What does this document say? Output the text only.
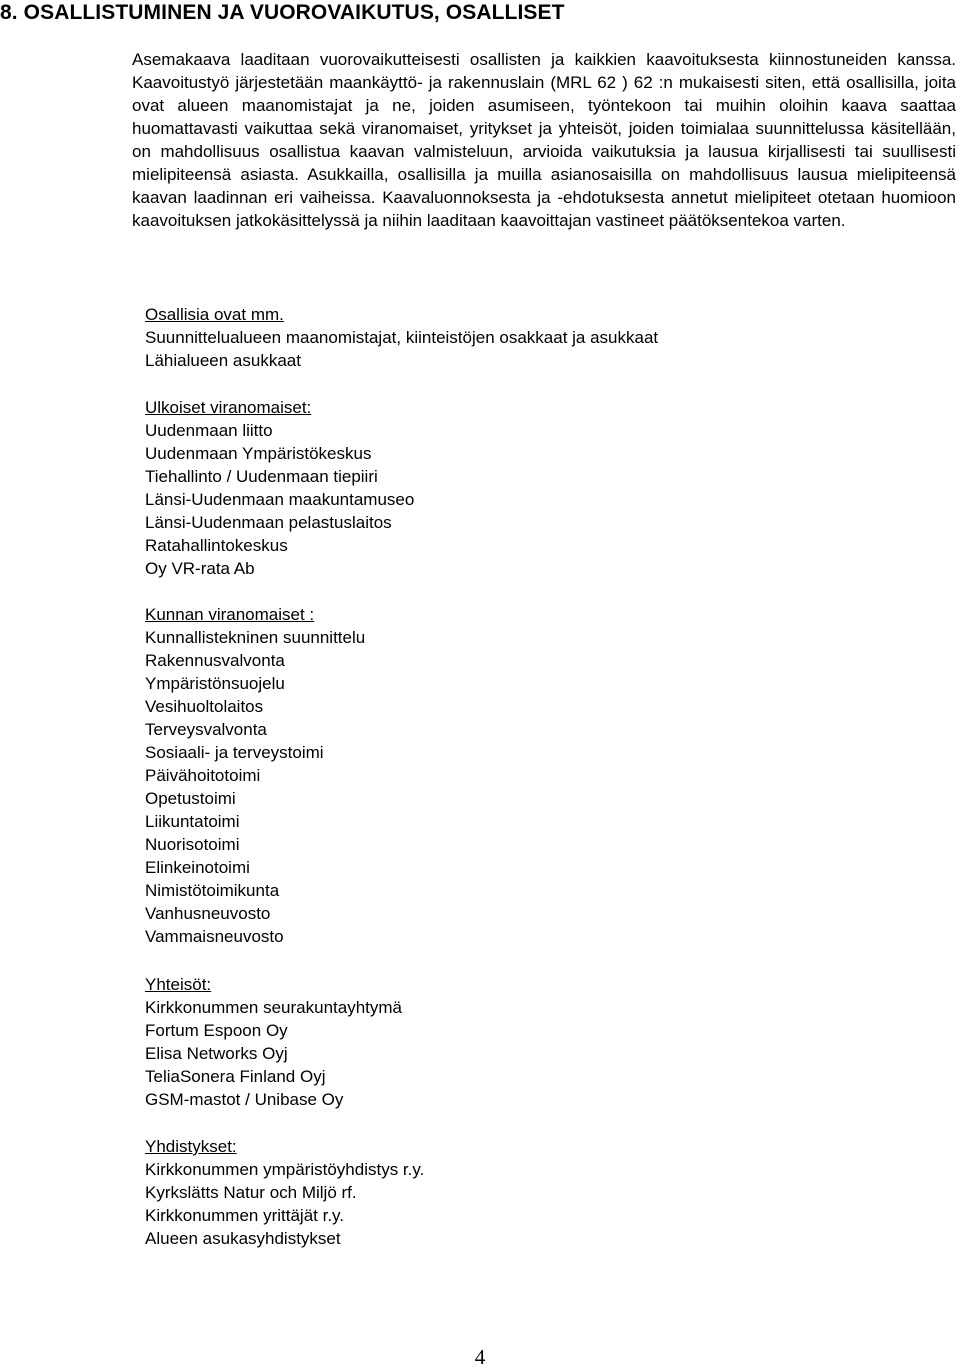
8. OSALLISTUMINEN JA VUOROVAIKUTUS, OSALLISET

Asemakaava laaditaan vuorovaikutteisesti osallisten ja kaikkien kaavoituksesta kiinnostuneiden kanssa. Kaavoitustyö järjestetään maankäyttö- ja rakennuslain (MRL 62 ) 62 :n mukaisesti siten, että osallisilla, joita ovat alueen maanomistajat ja ne, joiden asumiseen, työntekoon tai muihin oloihin kaava saattaa huomattavasti vaikuttaa sekä viranomaiset, yritykset ja yhteisöt, joiden toimialaa suunnittelussa käsitellään, on mahdollisuus osallistua kaavan valmisteluun, arvioida vaikutuksia ja lausua kirjallisesti tai suullisesti mielipiteensä asiasta. Asukkailla, osallisilla ja muilla asianosaisilla on mahdollisuus lausua mielipiteensä kaavan laadinnan eri vaiheissa. Kaavaluonnoksesta ja -ehdotuksesta annetut mielipiteet otetaan huomioon kaavoituksen jatkokäsittelyssä ja niihin laaditaan kaavoittajan vastineet päätöksentekoa varten.

Osallisia ovat mm.
Suunnittelualueen maanomistajat, kiinteistöjen osakkaat ja asukkaat
Lähialueen asukkaat
Ulkoiset viranomaiset:
Uudenmaan liitto
Uudenmaan Ympäristökeskus
Tiehallinto / Uudenmaan tiepiiri
Länsi-Uudenmaan maakuntamuseo
Länsi-Uudenmaan pelastuslaitos
Ratahallintokeskus
Oy VR-rata Ab
Kunnan viranomaiset :
Kunnallistekninen suunnittelu
Rakennusvalvonta
Ympäristönsuojelu
Vesihuoltolaitos
Terveysvalvonta
Sosiaali- ja terveystoimi
Päivähoitotoimi
Opetustoimi
Liikuntatoimi
Nuorisotoimi
Elinkeinotoimi
Nimistötoimikunta
Vanhusneuvosto
Vammaisneuvosto
Yhteisöt:
Kirkkonummen seurakuntayhtymä
Fortum Espoon Oy
Elisa Networks Oyj
TeliaSonera Finland Oyj
GSM-mastot / Unibase Oy
Yhdistykset:
Kirkkonummen ympäristöyhdistys r.y.
Kyrkslätts Natur och Miljö rf.
Kirkkonummen yrittäjät r.y.
Alueen asukasyhdistykset
4
